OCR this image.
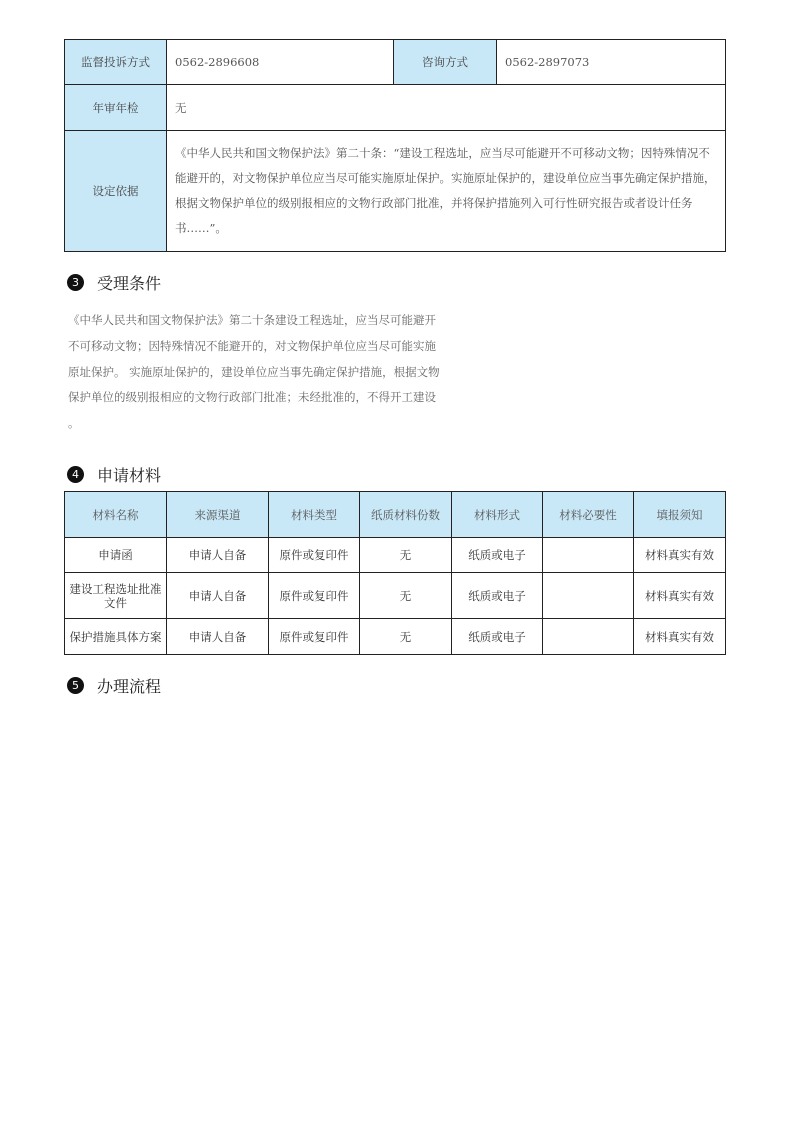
监督投诉方式	0562-2896608	咨询方式	0562-2897073
年审年检	无		
设定依据	《中华人民共和国文物保护法》第二十条：“建设工程选址，应当尽可能避开不可移动文物；因特殊情况不能避开的，对文物保护单位应当尽可能实施原址保护。实施原址保护的，建设单位应当事先确定保护措施，根据文物保护单位的级别报相应的文物行政部门批准，并将保护措施列入可行性研究报告或者设计任务书……”。		
3	受理条件

《中华人民共和国文物保护法》第二十条建设工程选址，应当尽可能避开
不可移动文物；因特殊情况不能避开的，对文物保护单位应当尽可能实施
原址保护。 实施原址保护的，建设单位应当事先确定保护措施，根据文物
保护单位的级别报相应的文物行政部门批准；未经批准的，不得开工建设
。

4	申请材料
材料名称	来源渠道	材料类型	纸质材料份数	材料形式	材料必要性	填报须知
申请函	申请人自备	原件或复印件	无	纸质或电子		材料真实有效
建设工程选址批准文件	申请人自备	原件或复印件	无	纸质或电子		材料真实有效
保护措施具体方案	申请人自备	原件或复印件	无	纸质或电子		材料真实有效
5	办理流程
